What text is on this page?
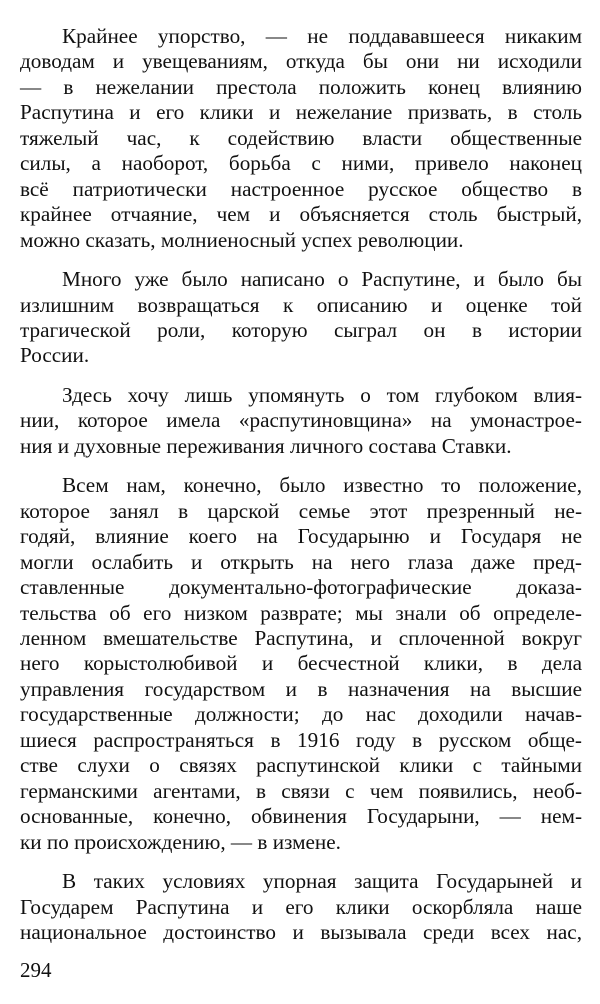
Крайнее упорство, — не поддававшееся никаким
доводам и увещеваниям, откуда бы они ни исходили
— в нежелании престола положить конец влиянию
Распутина и его клики и нежелание призвать, в столь
тяжелый час, к содействию власти общественные
силы, а наоборот, борьба с ними, привело наконец
всё патриотически настроенное русское общество в
крайнее отчаяние, чем и объясняется столь быстрый,
можно сказать, молниеносный успех революции.

Много уже было написано о Распутине, и было бы
излишним возвращаться к описанию и оценке той
трагической роли, которую сыграл он в истории
России.

Здесь хочу лишь упомянуть о том глубоком влия-
нии, которое имела «распутиновщина» на умонастрое-
ния и духовные переживания личного состава Ставки.

Всем нам, конечно, было известно то положение,
которое занял в царской семье этот презренный не-
годяй, влияние коего на Государыню и Государя не
могли ослабить и открыть на него глаза даже пред-
ставленные документально-фотографические доказа-
тельства об его низком разврате; мы знали об определе-
ленном вмешательстве Распутина, и сплоченной вокруг
него корыстолюбивой и бесчестной клики, в дела
управления государством и в назначения на высшие
государственные должности; до нас доходили начав-
шиеся распространяться в 1916 году в русском обще-
стве слухи о связях распутинской клики с тайными
германскими агентами, в связи с чем появились, необ-
основанные, конечно, обвинения Государыни, — нем-
ки по происхождению, — в измене.

В таких условиях упорная защита Государыней и
Государем Распутина и его клики оскорбляла наше
национальное достоинство и вызывала среди всех нас,

294
